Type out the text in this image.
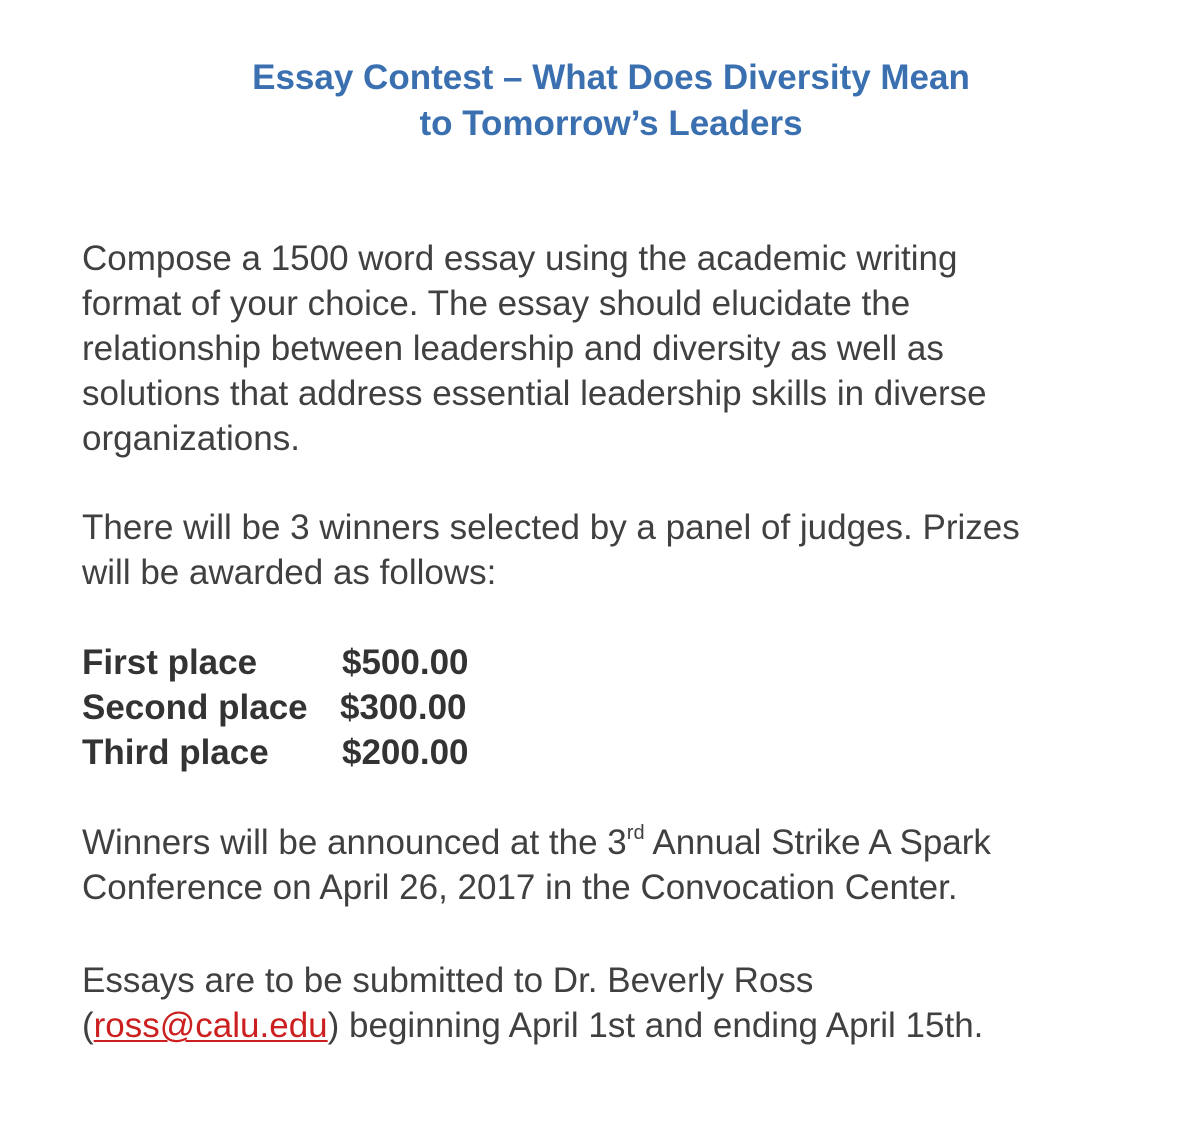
Essay Contest – What Does Diversity Mean
to Tomorrow’s Leaders
Compose a 1500 word essay using the academic writing
format of your choice. The essay should elucidate the
relationship between leadership and diversity as well as
solutions that address essential leadership skills in diverse
organizations.
There will be 3 winners selected by a panel of judges. Prizes
will be awarded as follows:
First place $500.00
Second place $300.00
Third place $200.00
Winners will be announced at the 3rd Annual Strike A Spark
Conference on April 26, 2017 in the Convocation Center.
Essays are to be submitted to Dr. Beverly Ross
(ross@calu.edu) beginning April 1st and ending April 15th.
